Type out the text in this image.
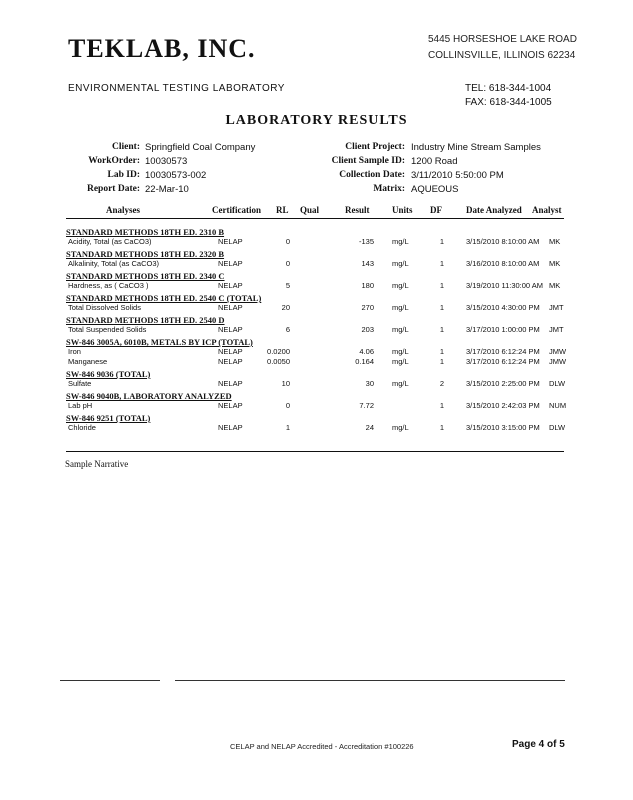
TEKLAB, INC.	5445 HORSESHOE LAKE ROAD
COLLINSVILLE, ILLINOIS 62234
ENVIRONMENTAL TESTING LABORATORY	TEL: 618-344-1004
FAX: 618-344-1005
LABORATORY RESULTS
Client: Springfield Coal Company
WorkOrder: 10030573
Lab ID: 10030573-002
Report Date: 22-Mar-10
Client Project: Industry Mine Stream Samples
Client Sample ID: 1200 Road
Collection Date: 3/11/2010 5:50:00 PM
Matrix: AQUEOUS
Analyses	Certification RL Qual	Result	Units DF	Date Analyzed Analyst
STANDARD METHODS 18TH ED. 2310 B
Acidity, Total (as CaCO3)	NELAP	0	-135 mg/L	1	3/15/2010 8:10:00 AM MK
STANDARD METHODS 18TH ED. 2320 B
Alkalinity, Total (as CaCO3)	NELAP	0	143 mg/L	1	3/16/2010 8:10:00 AM MK
STANDARD METHODS 18TH ED. 2340 C
Hardness, as ( CaCO3 )	NELAP	5	180 mg/L	1	3/19/2010 11:30:00 AM MK
STANDARD METHODS 18TH ED. 2540 C (TOTAL)
Total Dissolved Solids	NELAP	20	270 mg/L	1	3/15/2010 4:30:00 PM JMT
STANDARD METHODS 18TH ED. 2540 D
Total Suspended Solids	NELAP	6	203 mg/L	1	3/17/2010 1:00:00 PM JMT
SW-846 3005A, 6010B, METALS BY ICP (TOTAL)
Iron	NELAP	0.0200	4.06 mg/L	1	3/17/2010 6:12:24 PM JMW
Manganese	NELAP	0.0050	0.164 mg/L	1	3/17/2010 6:12:24 PM JMW
SW-846 9036 (TOTAL)
Sulfate	NELAP	10	30 mg/L	2	3/15/2010 2:25:00 PM DLW
SW-846 9040B, LABORATORY ANALYZED
Lab pH	NELAP	0	7.72	1	3/15/2010 2:42:03 PM NUM
SW-846 9251 (TOTAL)
Chloride	NELAP	1	24 mg/L	1	3/15/2010 3:15:00 PM DLW
Sample Narrative
CELAP and NELAP Accredited - Accreditation #100226	Page 4 of 5
